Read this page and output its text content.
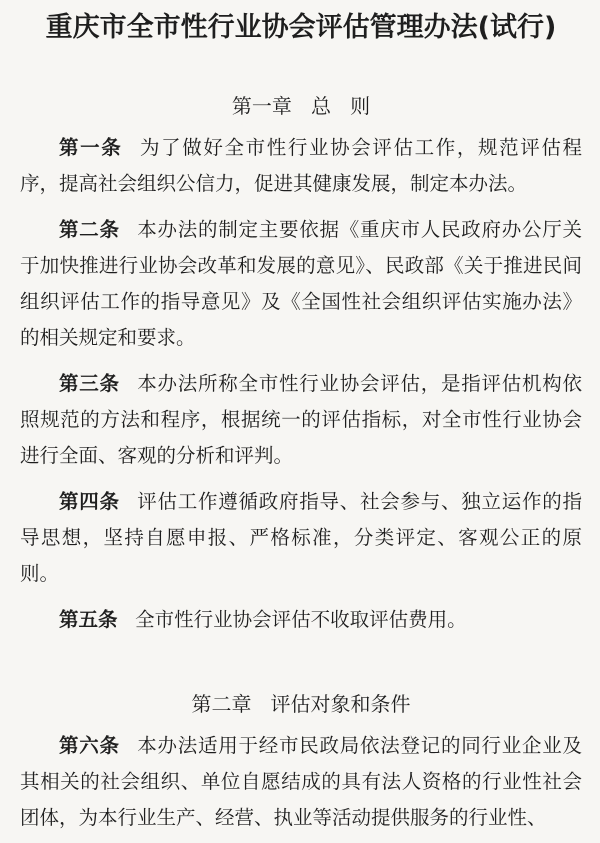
重庆市全市性行业协会评估管理办法(试行)
第一章   总   则

第一条 为了做好全市性行业协会评估工作，规范评估程序，提高社会组织公信力，促进其健康发展，制定本办法。

第二条 本办法的制定主要依据《重庆市人民政府办公厅关于加快推进行业协会改革和发展的意见》、民政部《关于推进民间组织评估工作的指导意见》及《全国性社会组织评估实施办法》的相关规定和要求。

第三条 本办法所称全市性行业协会评估，是指评估机构依照规范的方法和程序，根据统一的评估指标，对全市性行业协会进行全面、客观的分析和评判。

第四条 评估工作遵循政府指导、社会参与、独立运作的指导思想，坚持自愿申报、严格标准，分类评定、客观公正的原则。

第五条 全市性行业协会评估不收取评估费用。

第二章   评估对象和条件

第六条 本办法适用于经市民政局依法登记的同行业企业及其相关的社会组织、单位自愿结成的具有法人资格的行业性社会团体，为本行业生产、经营、执业等活动提供服务的行业性、
